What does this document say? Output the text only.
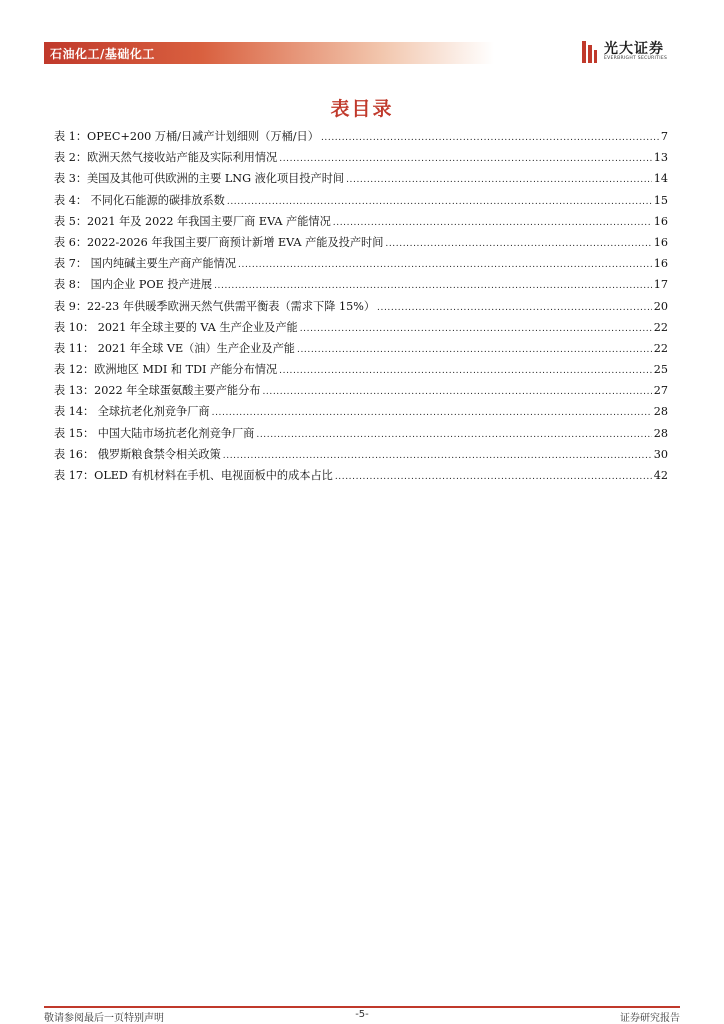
石油化工/基础化工	光大证券
EVERBRIGHT SECURITIES
表目录
表 1：OPEC+200 万桶/日减产计划细则（万桶/日） .....	7
表 2：欧洲天然气接收站产能及实际利用情况 .....	13
表 3：美国及其他可供欧洲的主要 LNG 液化项目投产时间 .....	14
表 4： 不同化石能源的碳排放系数 .....	15
表 5：2021 年及 2022 年我国主要厂商 EVA 产能情况 .....	16
表 6：2022-2026 年我国主要厂商预计新增 EVA 产能及投产时间 .....	16
表 7： 国内纯碱主要生产商产能情况 .....	16
表 8： 国内企业 POE 投产进展 .....	17
表 9：22-23 年供暖季欧洲天然气供需平衡表（需求下降 15%） .....	20
表 10： 2021 年全球主要的 VA 生产企业及产能 .....	22
表 11： 2021 年全球 VE（油）生产企业及产能 .....	22
表 12：欧洲地区 MDI 和 TDI 产能分布情况 .....	25
表 13：2022 年全球蛋氨酸主要产能分布 .....	27
表 14： 全球抗老化剂竞争厂商 .....	28
表 15： 中国大陆市场抗老化剂竞争厂商 .....	28
表 16： 俄罗斯粮食禁令相关政策 .....	30
表 17：OLED 有机材料在手机、电视面板中的成本占比 .....	42
敬请参阅最后一页特别声明	-5-	证券研究报告
